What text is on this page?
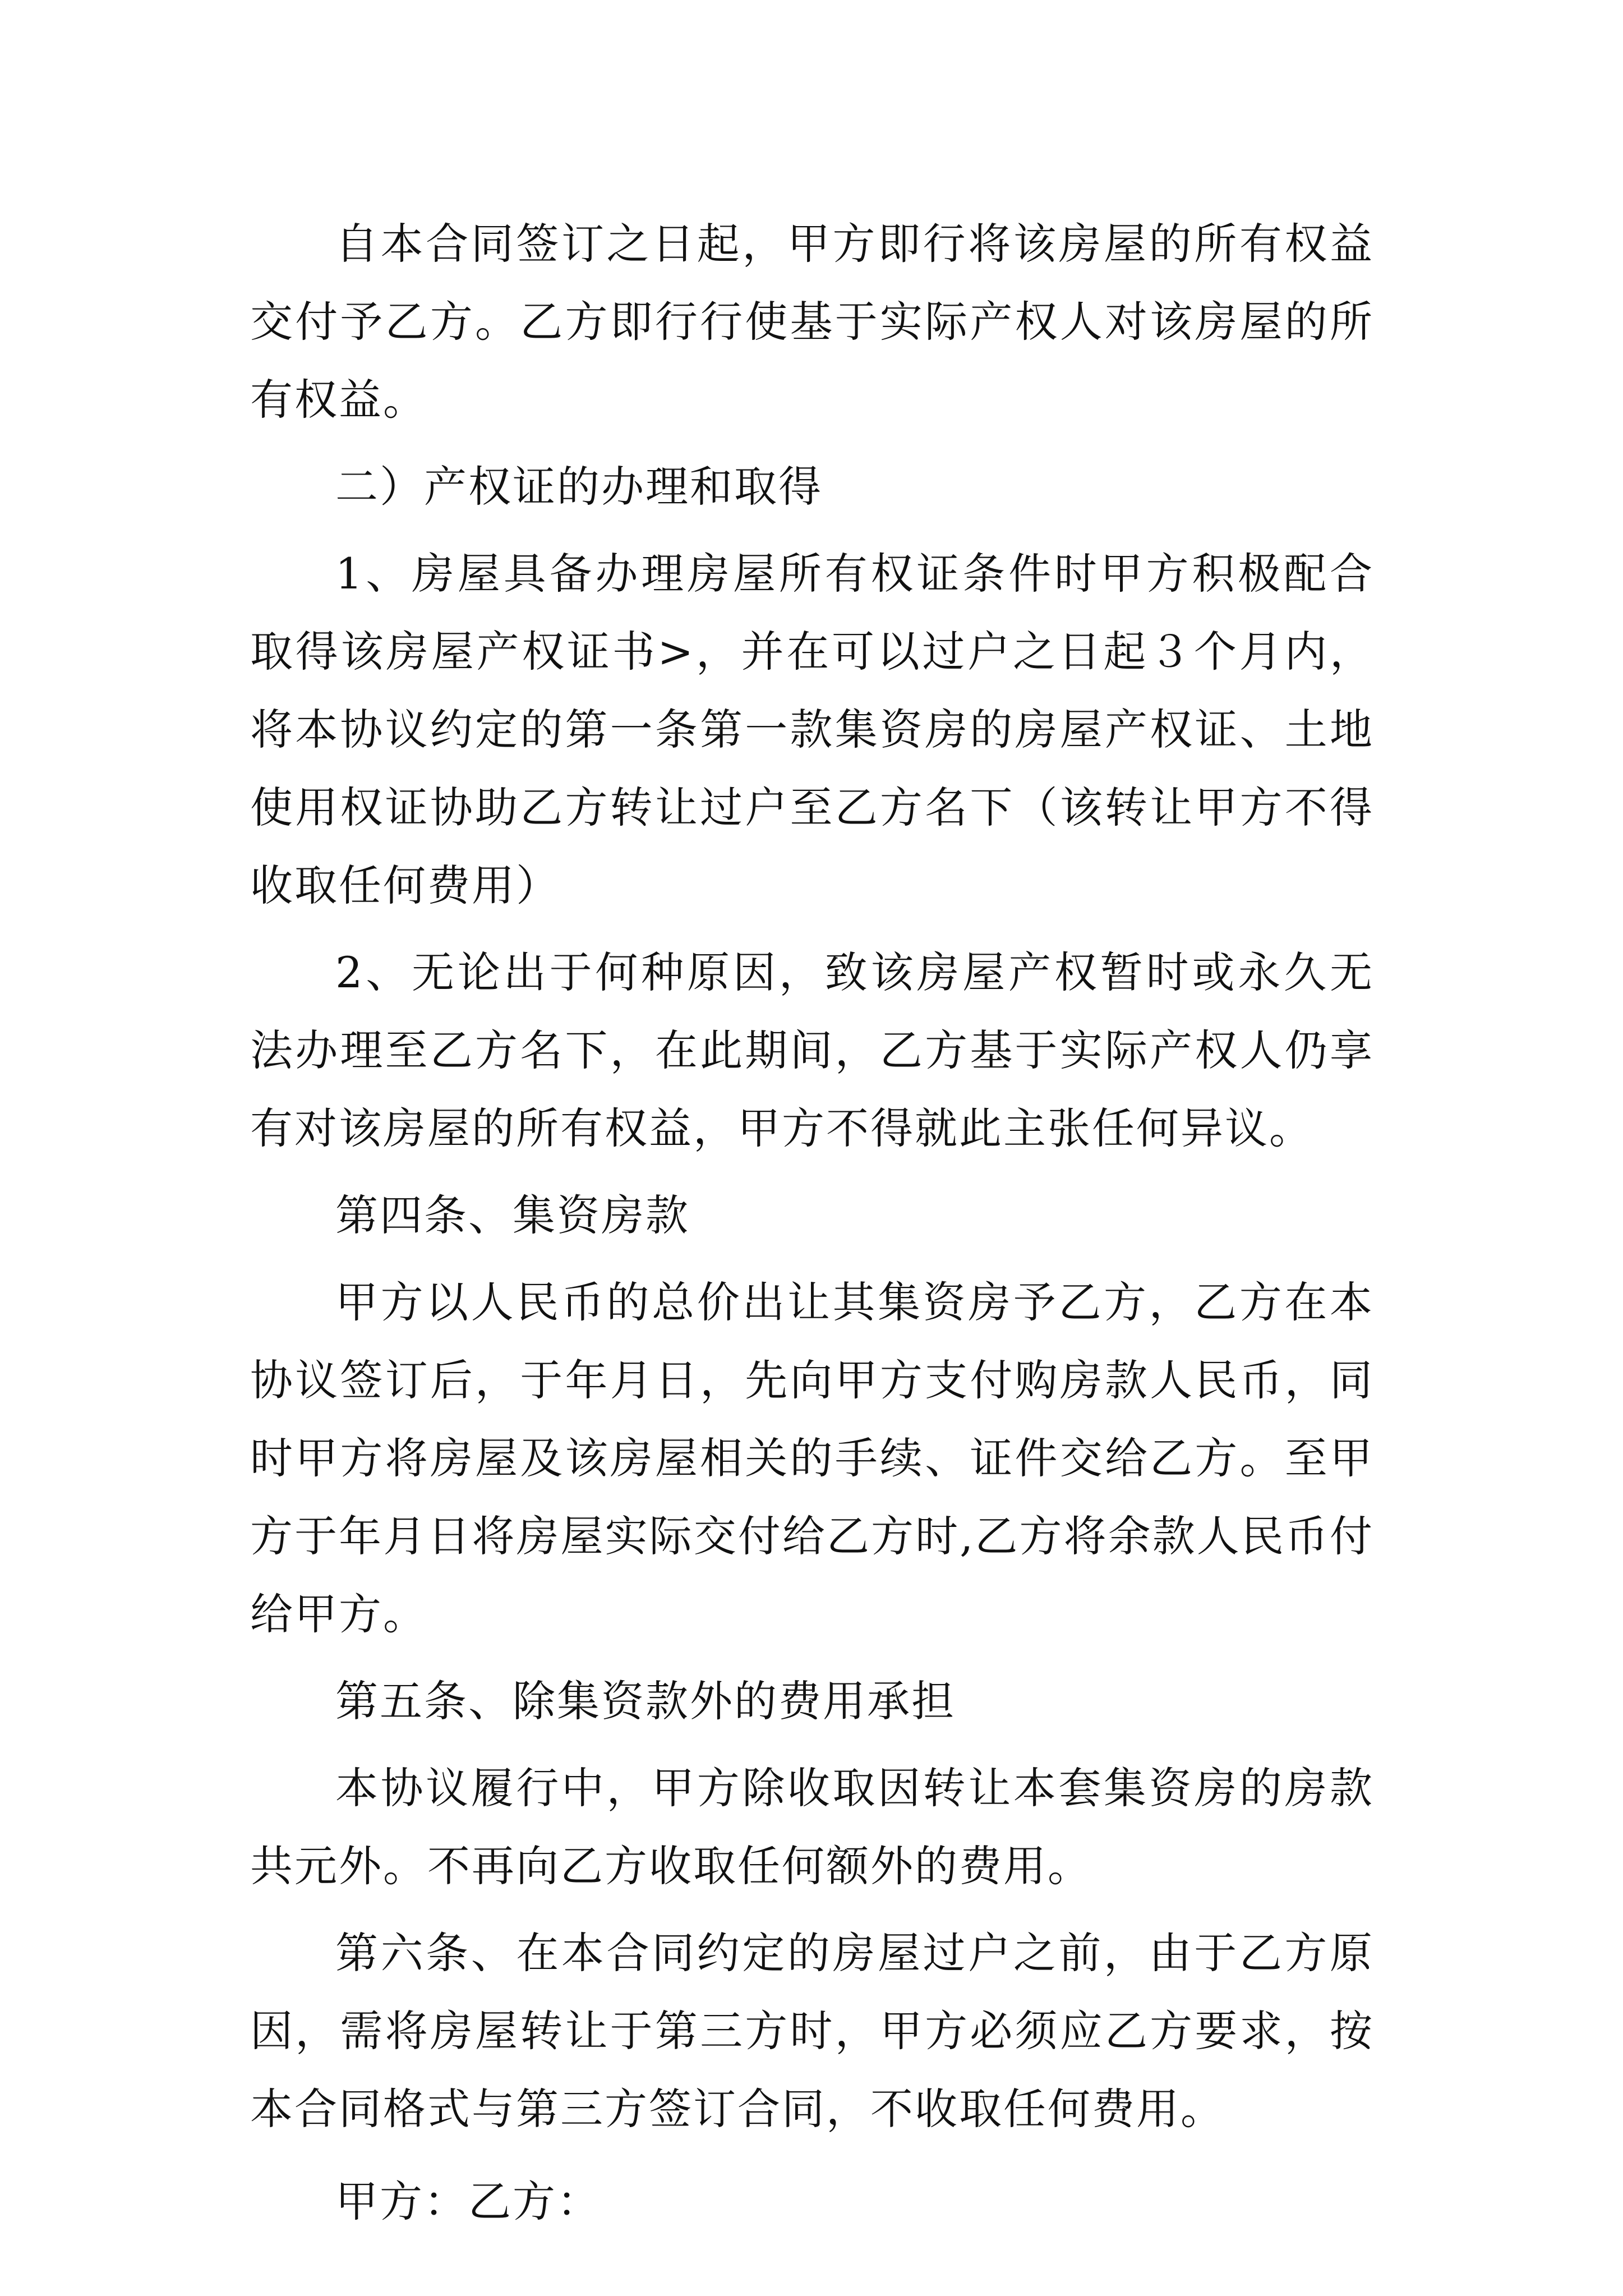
自本合同签订之日起，甲方即行将该房屋的所有权益交付予乙方。乙方即行行使基于实际产权人对该房屋的所有权益。

二）产权证的办理和取得

1、房屋具备办理房屋所有权证条件时甲方积极配合取得该房屋产权证书>，并在可以过户之日起３个月内，将本协议约定的第一条第一款集资房的房屋产权证、土地使用权证协助乙方转让过户至乙方名下（该转让甲方不得收取任何费用）

2、无论出于何种原因，致该房屋产权暂时或永久无法办理至乙方名下，在此期间，乙方基于实际产权人仍享有对该房屋的所有权益，甲方不得就此主张任何异议。

第四条、集资房款

甲方以人民币的总价出让其集资房予乙方，乙方在本协议签订后，于年月日，先向甲方支付购房款人民币，同时甲方将房屋及该房屋相关的手续、证件交给乙方。至甲方于年月日将房屋实际交付给乙方时,乙方将余款人民币付给甲方。

第五条、除集资款外的费用承担

本协议履行中，甲方除收取因转让本套集资房的房款共元外。不再向乙方收取任何额外的费用。

第六条、在本合同约定的房屋过户之前，由于乙方原因，需将房屋转让于第三方时，甲方必须应乙方要求，按本合同格式与第三方签订合同，不收取任何费用。

甲方：乙方：
